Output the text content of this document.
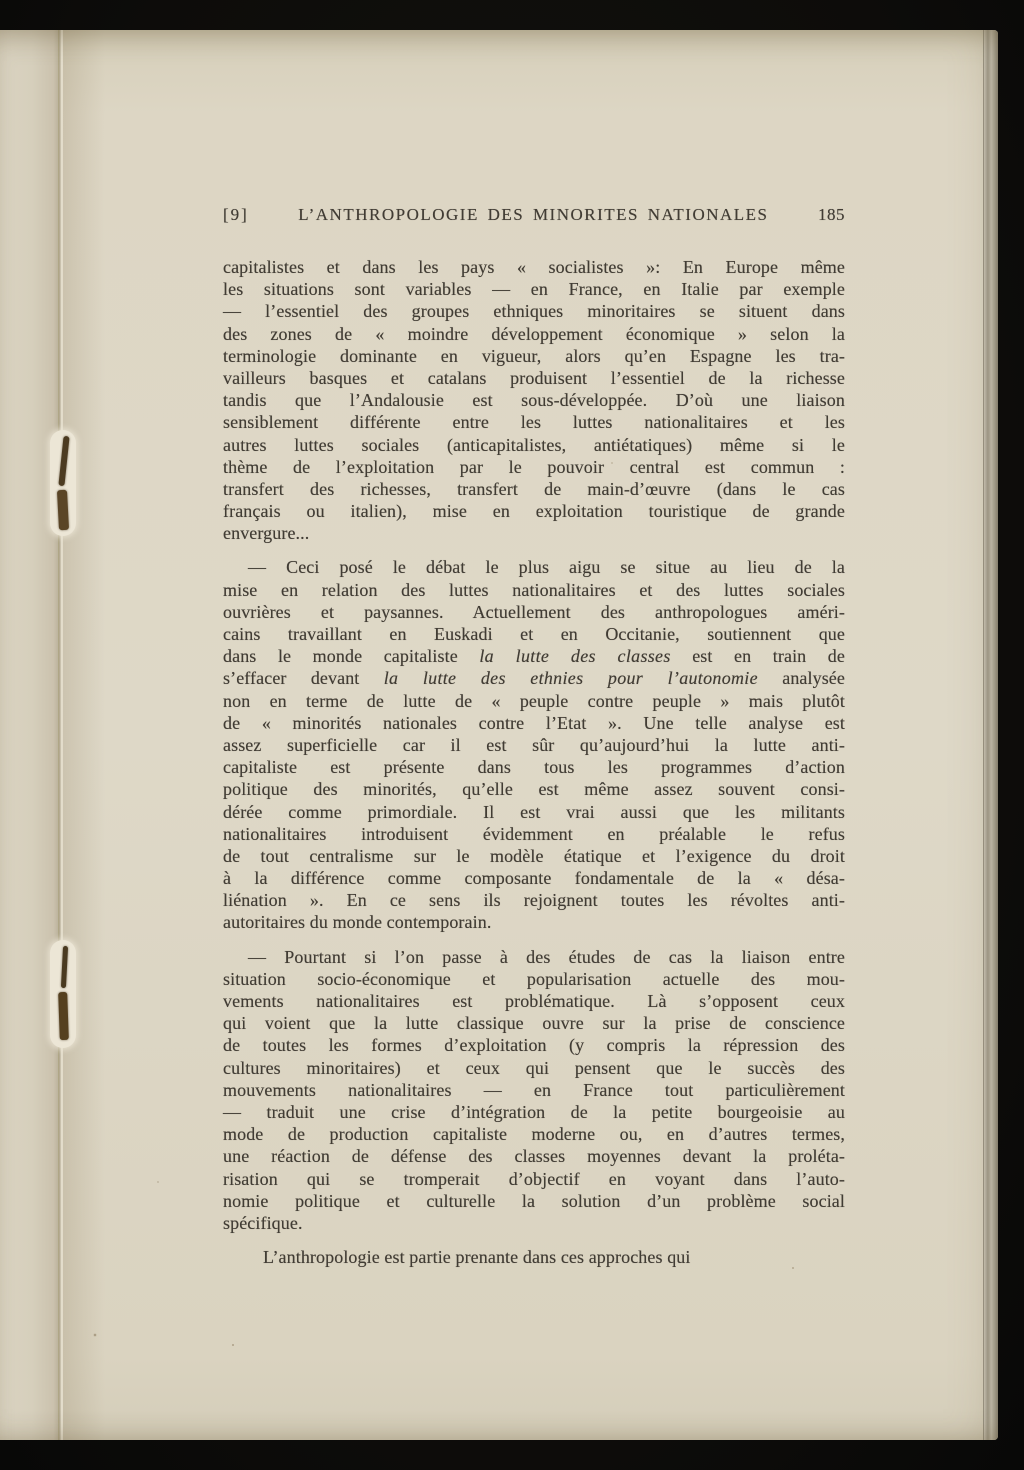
[9]	L’ANTHROPOLOGIE DES MINORITES NATIONALES	185
capitalistes et dans les pays « socialistes »: En Europe même
les situations sont variables — en France, en Italie par exemple
— l’essentiel des groupes ethniques minoritaires se situent dans
des zones de « moindre développement économique » selon la
terminologie dominante en vigueur, alors qu’en Espagne les tra-
vailleurs basques et catalans produisent l’essentiel de la richesse
tandis que l’Andalousie est sous-développée. D’où une liaison
sensiblement différente entre les luttes nationalitaires et les
autres luttes sociales (anticapitalistes, antiétatiques) même si le
thème de l’exploitation par le pouvoir central est commun :
transfert des richesses, transfert de main-d’œuvre (dans le cas
français ou italien), mise en exploitation touristique de grande
envergure...
— Ceci posé le débat le plus aigu se situe au lieu de la
mise en relation des luttes nationalitaires et des luttes sociales
ouvrières et paysannes. Actuellement des anthropologues améri-
cains travaillant en Euskadi et en Occitanie, soutiennent que
dans le monde capitaliste la lutte des classes est en train de
s’effacer devant la lutte des ethnies pour l’autonomie analysée
non en terme de lutte de « peuple contre peuple » mais plutôt
de « minorités nationales contre l’Etat ». Une telle analyse est
assez superficielle car il est sûr qu’aujourd’hui la lutte anti-
capitaliste est présente dans tous les programmes d’action
politique des minorités, qu’elle est même assez souvent consi-
dérée comme primordiale. Il est vrai aussi que les militants
nationalitaires introduisent évidemment en préalable le refus
de tout centralisme sur le modèle étatique et l’exigence du droit
à la différence comme composante fondamentale de la « désa-
liénation ». En ce sens ils rejoignent toutes les révoltes anti-
autoritaires du monde contemporain.
— Pourtant si l’on passe à des études de cas la liaison entre
situation socio-économique et popularisation actuelle des mou-
vements nationalitaires est problématique. Là s’opposent ceux
qui voient que la lutte classique ouvre sur la prise de conscience
de toutes les formes d’exploitation (y compris la répression des
cultures minoritaires) et ceux qui pensent que le succès des
mouvements nationalitaires — en France tout particulièrement
— traduit une crise d’intégration de la petite bourgeoisie au
mode de production capitaliste moderne ou, en d’autres termes,
une réaction de défense des classes moyennes devant la proléta-
risation qui se tromperait d’objectif en voyant dans l’auto-
nomie politique et culturelle la solution d’un problème social
spécifique.
L’anthropologie est partie prenante dans ces approches qui
